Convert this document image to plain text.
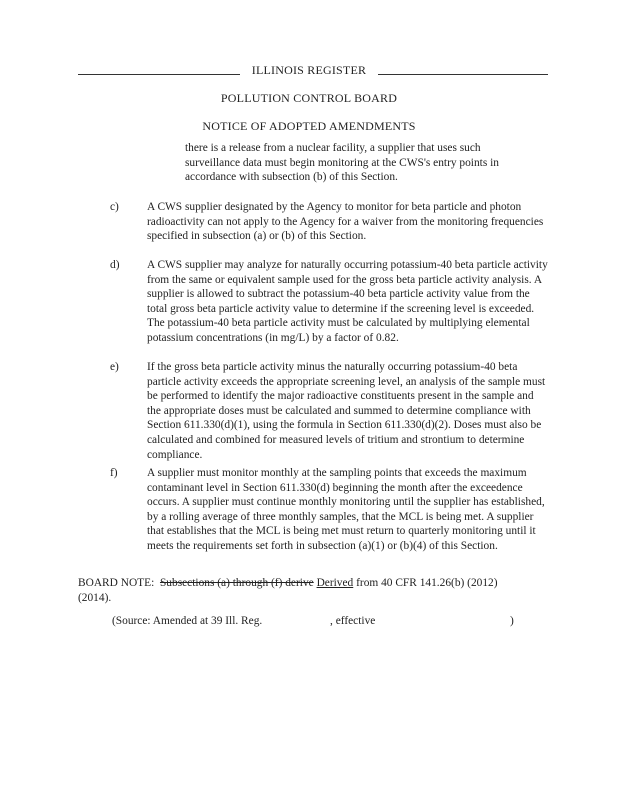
ILLINOIS REGISTER
POLLUTION CONTROL BOARD
NOTICE OF ADOPTED AMENDMENTS
there is a release from a nuclear facility, a supplier that uses such surveillance data must begin monitoring at the CWS's entry points in accordance with subsection (b) of this Section.
c)	A CWS supplier designated by the Agency to monitor for beta particle and photon radioactivity can not apply to the Agency for a waiver from the monitoring frequencies specified in subsection (a) or (b) of this Section.
d)	A CWS supplier may analyze for naturally occurring potassium-40 beta particle activity from the same or equivalent sample used for the gross beta particle activity analysis. A supplier is allowed to subtract the potassium-40 beta particle activity value from the total gross beta particle activity value to determine if the screening level is exceeded. The potassium-40 beta particle activity must be calculated by multiplying elemental potassium concentrations (in mg/L) by a factor of 0.82.
e)	If the gross beta particle activity minus the naturally occurring potassium-40 beta particle activity exceeds the appropriate screening level, an analysis of the sample must be performed to identify the major radioactive constituents present in the sample and the appropriate doses must be calculated and summed to determine compliance with Section 611.330(d)(1), using the formula in Section 611.330(d)(2). Doses must also be calculated and combined for measured levels of tritium and strontium to determine compliance.
f)	A supplier must monitor monthly at the sampling points that exceeds the maximum contaminant level in Section 611.330(d) beginning the month after the exceedence occurs. A supplier must continue monthly monitoring until the supplier has established, by a rolling average of three monthly samples, that the MCL is being met. A supplier that establishes that the MCL is being met must return to quarterly monitoring until it meets the requirements set forth in subsection (a)(1) or (b)(4) of this Section.
BOARD NOTE: Subsections (a) through (f) derive Derived from 40 CFR 141.26(b) (2012)
(2014).
(Source: Amended at 39 Ill. Reg.	, effective	)
